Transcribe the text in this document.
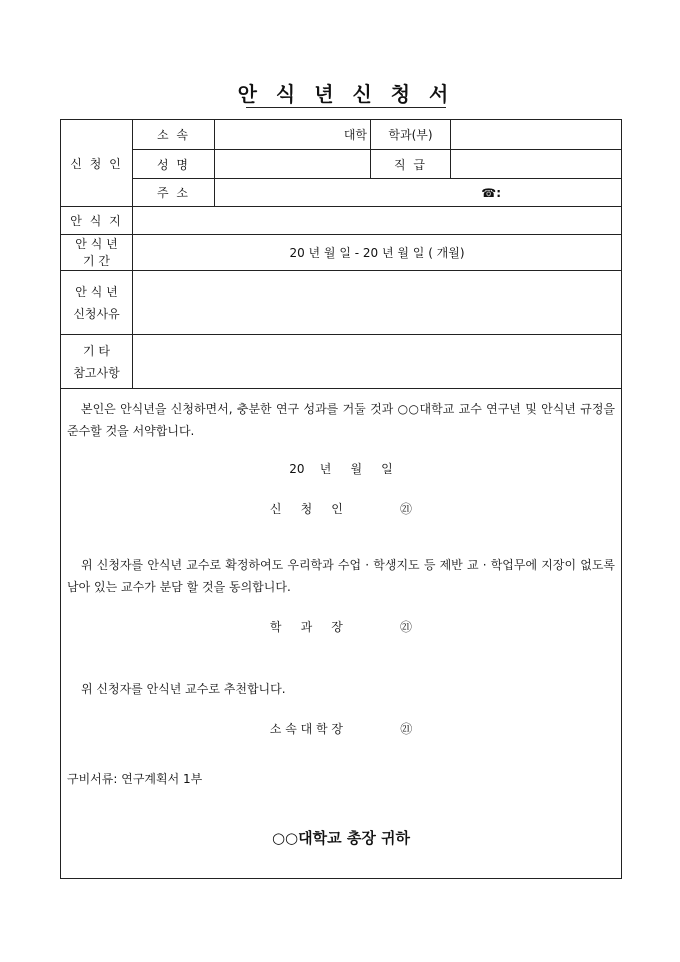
안 식 년 신 청 서
신 청 인	소 속	대학	학과(부)	
	성 명		직 급	
	주 소	☎:		
안 식 지				

안 식 년
기 간	20 년 월 일 - 20 년 월 일 ( 개월)			

안 식 년
신청사유				

기 타
참고사항				

본인은 안식년을 신청하면서, 충분한 연구 성과를 거둘 것과 ○○대학교 교수 연구년 및 안식년 규정을 준수할 것을 서약합니다.
20    년     월     일
신     청     인               ㉑
위 신청자를 안식년 교수로 확정하여도 우리학과 수업 · 학생지도 등 제반 교 · 학업무에 지장이 없도록 남아 있는 교수가 분담 할 것을 동의합니다.
학     과     장               ㉑
위 신청자를 안식년 교수로 추천합니다.
소 속 대 학 장               ㉑
구비서류: 연구계획서 1부
○○대학교 총장 귀하
